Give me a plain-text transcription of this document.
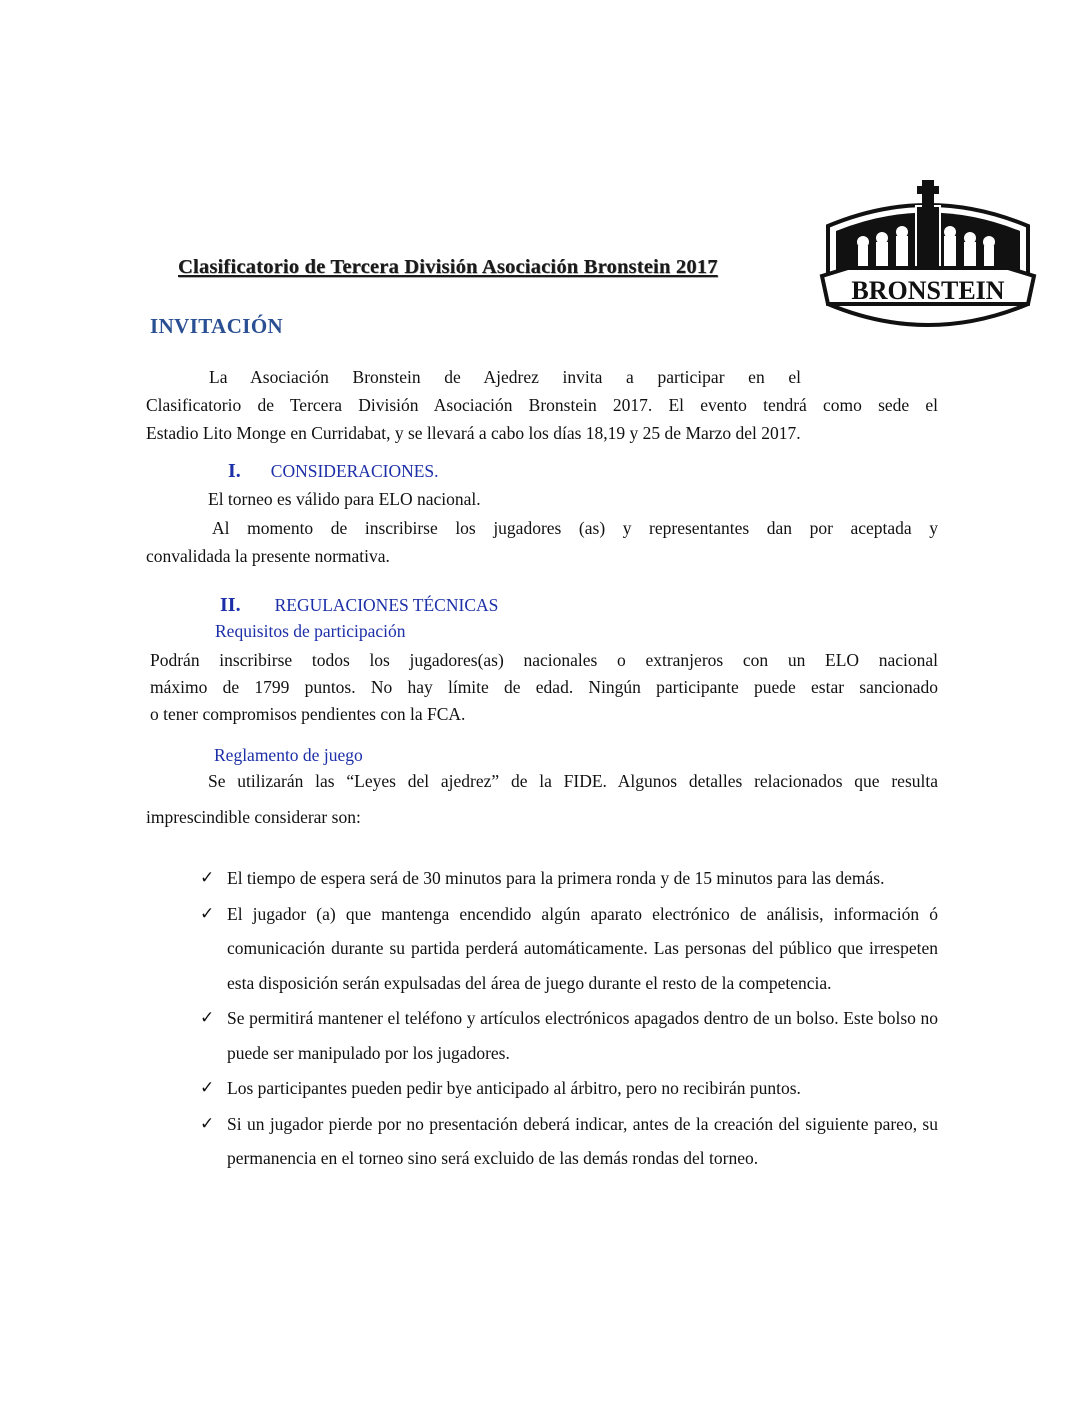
Clasificatorio de Tercera División Asociación Bronstein 2017
BRONSTEIN
INVITACIÓN
La Asociación Bronstein de Ajedrez invita a participar en el
Clasificatorio de Tercera División Asociación Bronstein 2017. El evento tendrá como sede el
Estadio Lito Monge en Curridabat, y se llevará a cabo los días 18,19 y 25 de Marzo del 2017.
I. CONSIDERACIONES.
El torneo es válido para ELO nacional.
Al momento de inscribirse los jugadores (as) y representantes dan por aceptada y
convalidada la presente normativa.
II. REGULACIONES TÉCNICAS
Requisitos de participación
Podrán inscribirse todos los jugadores(as) nacionales o extranjeros con un ELO nacional
máximo de 1799 puntos. No hay límite de edad. Ningún participante puede estar sancionado
o tener compromisos pendientes con la FCA.
Reglamento de juego
Se utilizarán las “Leyes del ajedrez” de la FIDE. Algunos detalles relacionados que resulta
imprescindible considerar son:
✓ El tiempo de espera será de 30 minutos para la primera ronda y de 15 minutos para las demás.
✓ El jugador (a) que mantenga encendido algún aparato electrónico de análisis, información ó comunicación durante su partida perderá automáticamente. Las personas del público que irrespeten esta disposición serán expulsadas del área de juego durante el resto de la competencia.
✓ Se permitirá mantener el teléfono y artículos electrónicos apagados dentro de un bolso. Este bolso no puede ser manipulado por los jugadores.
✓ Los participantes pueden pedir bye anticipado al árbitro, pero no recibirán puntos.
✓ Si un jugador pierde por no presentación deberá indicar, antes de la creación del siguiente pareo, su permanencia en el torneo sino será excluido de las demás rondas del torneo.
